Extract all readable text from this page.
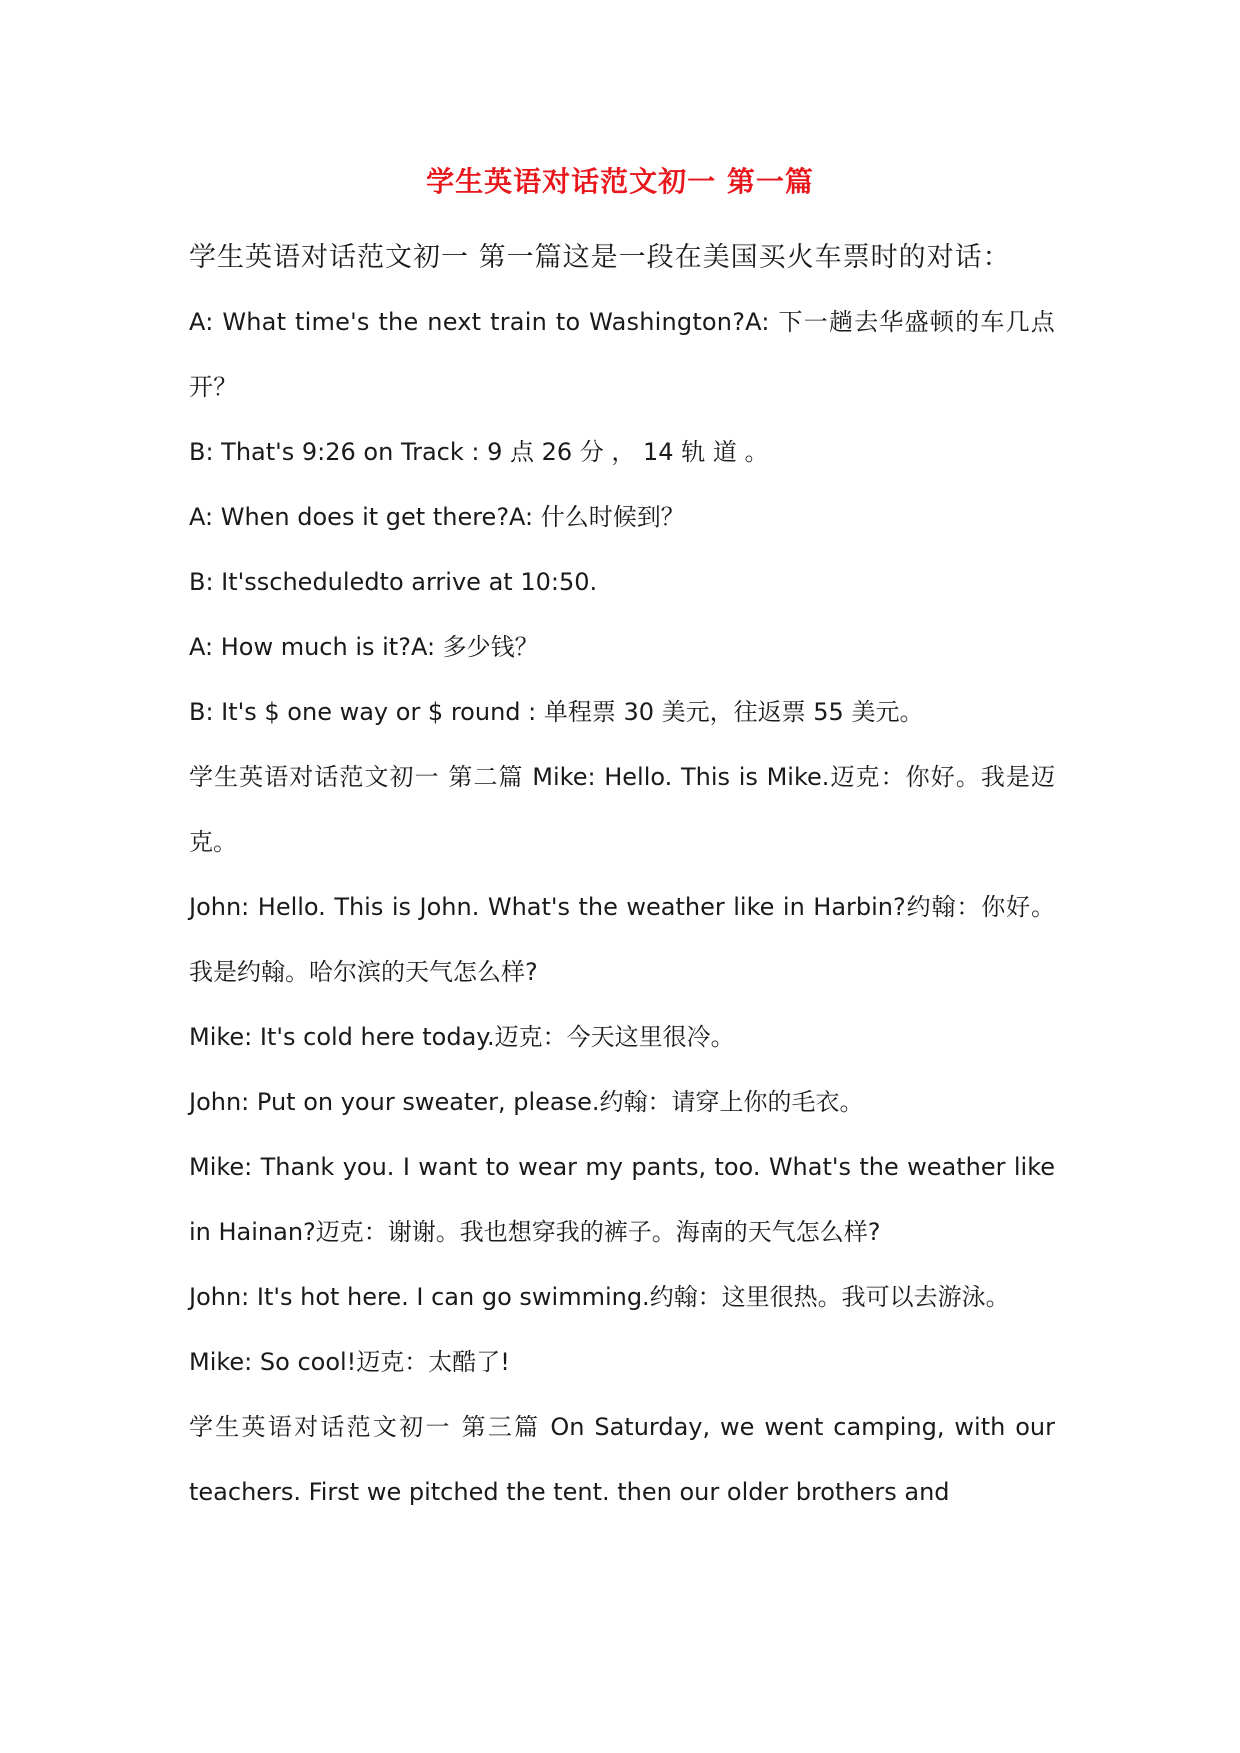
学生英语对话范文初一 第一篇

学生英语对话范文初一 第一篇这是一段在美国买火车票时的对话：

A: What time's the next train to Washington?A: 下一趟去华盛顿的车几点开？

B: That's 9:26 on Track : 9 点 26 分 ， 14 轨 道 。

A: When does it get there?A: 什么时候到？

B: It'sscheduledto arrive at 10:50.

A: How much is it?A: 多少钱？

B: It's $ one way or $ round : 单程票 30 美元，往返票 55 美元。

学生英语对话范文初一 第二篇 Mike: Hello. This is Mike.迈克：你好。我是迈克。

John: Hello. This is John. What's the weather like in Harbin?约翰：你好。我是约翰。哈尔滨的天气怎么样?

Mike: It's cold here today.迈克：今天这里很冷。

John: Put on your sweater, please.约翰：请穿上你的毛衣。

Mike: Thank you. I want to wear my pants, too. What's the weather like in Hainan?迈克：谢谢。我也想穿我的裤子。海南的天气怎么样?

John: It's hot here. I can go swimming.约翰：这里很热。我可以去游泳。

Mike: So cool!迈克：太酷了!

学生英语对话范文初一 第三篇 On Saturday, we went camping, with our teachers. First we pitched the tent. then our older brothers and
